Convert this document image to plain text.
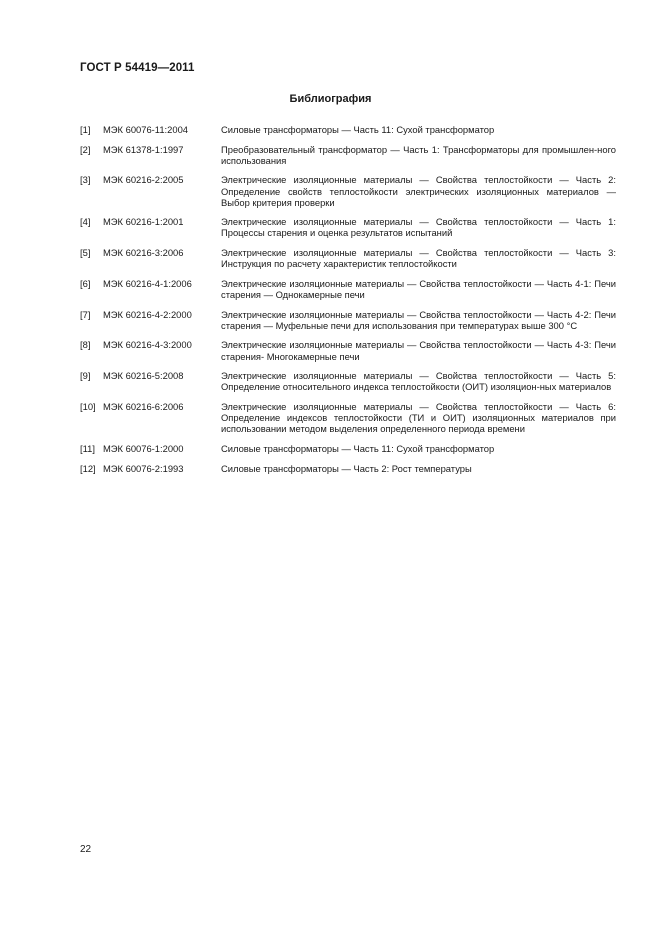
ГОСТ Р 54419—2011
Библиография
[1] МЭК 60076-11:2004	Силовые трансформаторы — Часть 11: Сухой трансформатор
[2] МЭК 61378-1:1997	Преобразовательный трансформатор — Часть 1: Трансформаторы для промышлен-ного использования
[3] МЭК 60216-2:2005	Электрические изоляционные материалы — Свойства теплостойкости — Часть 2: Определение свойств теплостойкости электрических изоляционных материалов — Выбор критерия проверки
[4] МЭК 60216-1:2001	Электрические изоляционные материалы — Свойства теплостойкости — Часть 1: Процессы старения и оценка результатов испытаний
[5] МЭК 60216-3:2006	Электрические изоляционные материалы — Свойства теплостойкости — Часть 3: Инструкция по расчету характеристик теплостойкости
[6] МЭК 60216-4-1:2006	Электрические изоляционные материалы — Свойства теплостойкости — Часть 4-1: Печи старения — Однокамерные печи
[7] МЭК 60216-4-2:2000	Электрические изоляционные материалы — Свойства теплостойкости — Часть 4-2: Печи старения — Муфельные печи для использования при температурах выше 300 °С
[8] МЭК 60216-4-3:2000	Электрические изоляционные материалы — Свойства теплостойкости — Часть 4-3: Печи старения- Многокамерные печи
[9] МЭК 60216-5:2008	Электрические изоляционные материалы — Свойства теплостойкости — Часть 5: Определение относительного индекса теплостойкости (ОИТ) изоляцион-ных материалов
[10] МЭК 60216-6:2006	Электрические изоляционные материалы — Свойства теплостойкости — Часть 6: Определение индексов теплостойкости (ТИ и ОИТ) изоляционных материалов при использовании методом выделения определенного периода времени
[11] МЭК 60076-1:2000	Силовые трансформаторы — Часть 11: Сухой трансформатор
[12] МЭК 60076-2:1993	Силовые трансформаторы — Часть 2: Рост температуры
22
